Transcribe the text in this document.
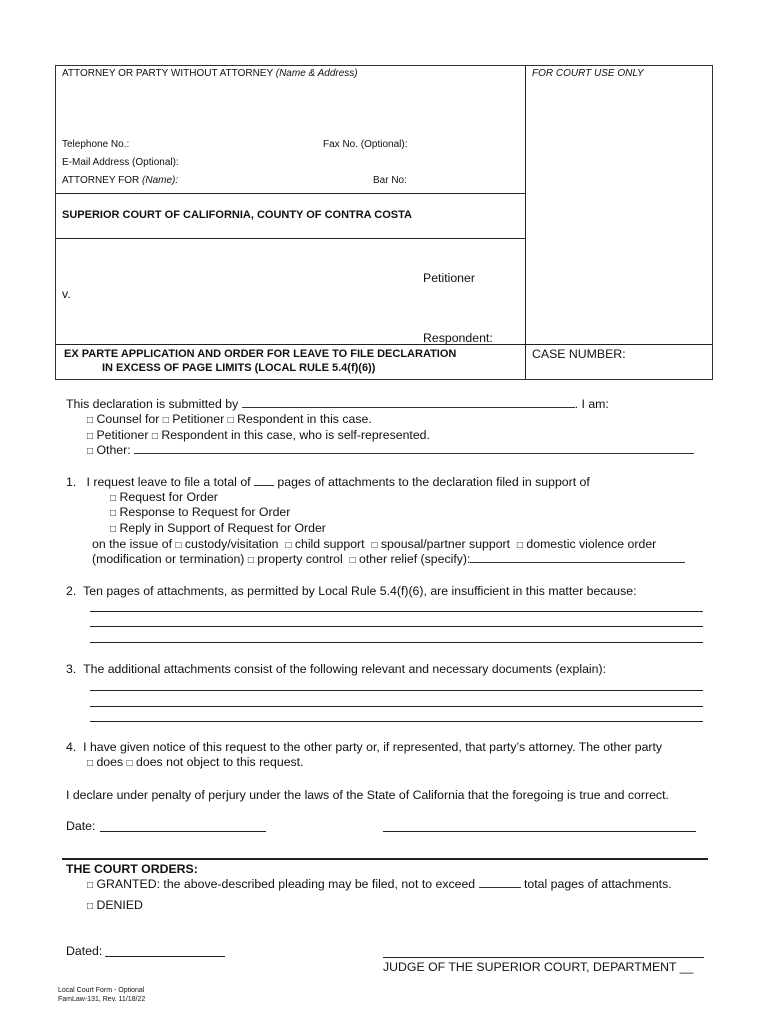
ATTORNEY OR PARTY WITHOUT ATTORNEY (Name & Address)	FOR COURT USE ONLY
Telephone No.:	Fax No. (Optional):
E-Mail Address (Optional):
ATTORNEY FOR (Name):	Bar No:
SUPERIOR COURT OF CALIFORNIA, COUNTY OF CONTRA COSTA
Petitioner
v.
Respondent:
EX PARTE APPLICATION AND ORDER FOR LEAVE TO FILE DECLARATION
IN EXCESS OF PAGE LIMITS (LOCAL RULE 5.4(f)(6))
CASE NUMBER:
This declaration is submitted by	. I am:
□ Counsel for □ Petitioner □ Respondent in this case.
□ Petitioner □ Respondent in this case, who is self-represented.
□ Other:
1. I request leave to file a total of  pages of attachments to the declaration filed in support of
□ Request for Order
□ Response to Request for Order
□ Reply in Support of Request for Order
on the issue of □ custody/visitation □ child support □ spousal/partner support □ domestic violence order
(modification or termination) □ property control □ other relief (specify):
2. Ten pages of attachments, as permitted by Local Rule 5.4(f)(6), are insufficient in this matter because:
3. The additional attachments consist of the following relevant and necessary documents (explain):
4. I have given notice of this request to the other party or, if represented, that party’s attorney. The other party
□ does □ does not object to this request.
I declare under penalty of perjury under the laws of the State of California that the foregoing is true and correct.
Date:
THE COURT ORDERS:
□ GRANTED: the above-described pleading may be filed, not to exceed	total pages of attachments.
□ DENIED
Dated:
JUDGE OF THE SUPERIOR COURT, DEPARTMENT __
Local Court Form - Optional
FamLaw-131, Rev. 11/18/22
